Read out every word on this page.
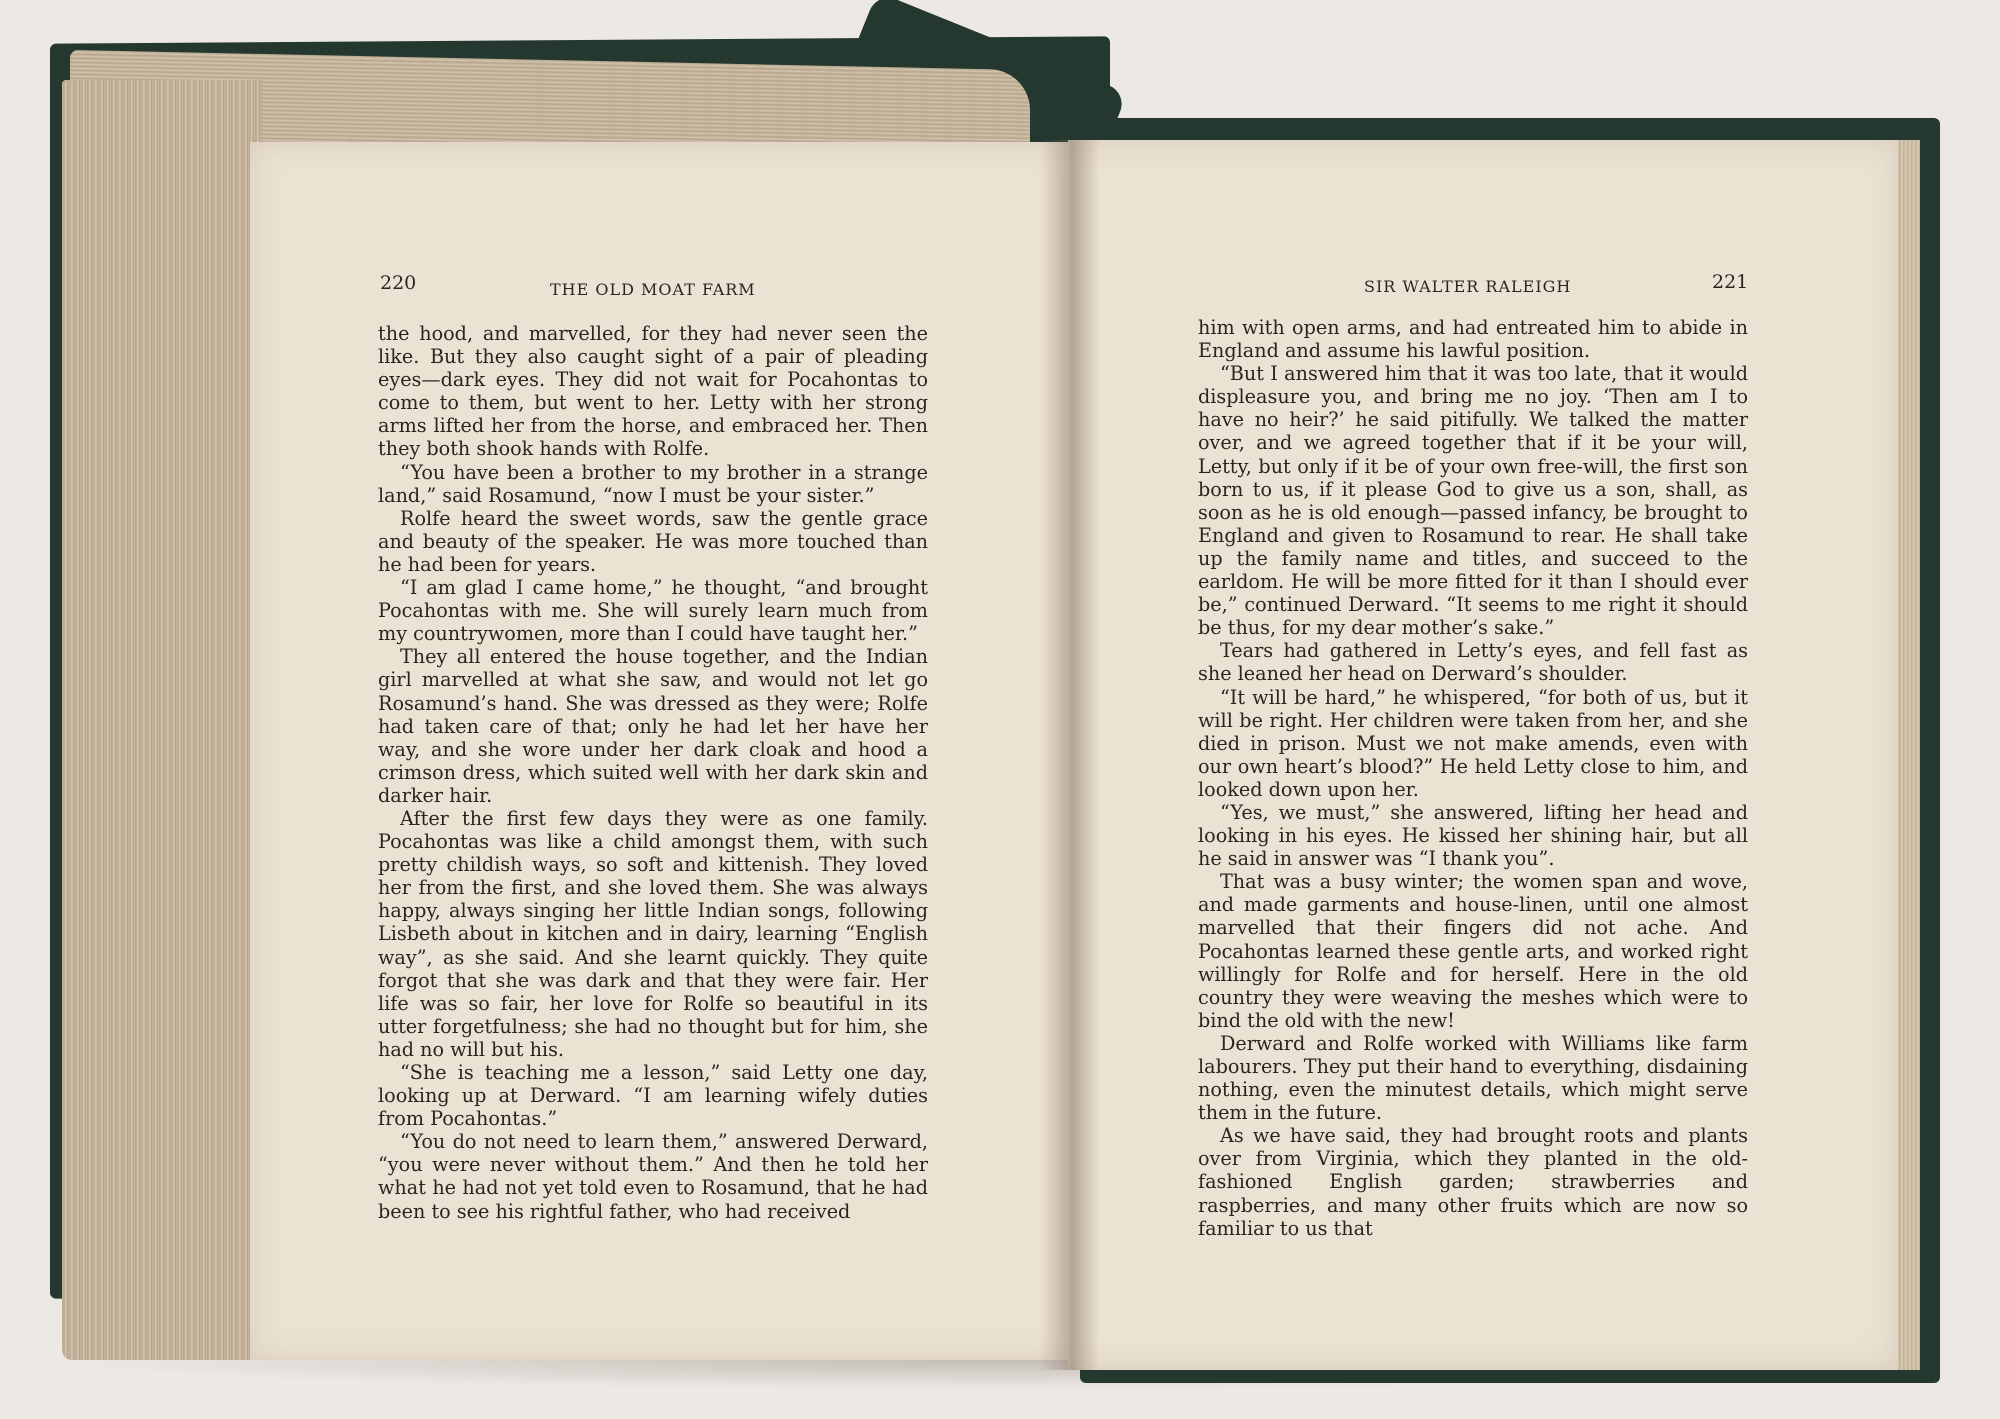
220	THE OLD MOAT FARM	SIR WALTER RALEIGH	221

the hood, and marvelled, for they had never seen the like. But they also caught sight of a pair of pleading eyes—dark eyes. They did not wait for Pocahontas to come to them, but went to her. Letty with her strong arms lifted her from the horse, and embraced her. Then they both shook hands with Rolfe.

“You have been a brother to my brother in a strange land,” said Rosamund, “now I must be your sister.”

Rolfe heard the sweet words, saw the gentle grace and beauty of the speaker. He was more touched than he had been for years.

“I am glad I came home,” he thought, “and brought Pocahontas with me. She will surely learn much from my countrywomen, more than I could have taught her.”

They all entered the house together, and the Indian girl marvelled at what she saw, and would not let go Rosamund’s hand. She was dressed as they were; Rolfe had taken care of that; only he had let her have her way, and she wore under her dark cloak and hood a crimson dress, which suited well with her dark skin and darker hair.

After the first few days they were as one family. Pocahontas was like a child amongst them, with such pretty childish ways, so soft and kittenish. They loved her from the first, and she loved them. She was always happy, always singing her little Indian songs, following Lisbeth about in kitchen and in dairy, learning “English way”, as she said. And she learnt quickly. They quite forgot that she was dark and that they were fair. Her life was so fair, her love for Rolfe so beautiful in its utter forgetfulness; she had no thought but for him, she had no will but his.

“She is teaching me a lesson,” said Letty one day, looking up at Derward. “I am learning wifely duties from Pocahontas.”

“You do not need to learn them,” answered Derward, “you were never without them.” And then he told her what he had not yet told even to Rosamund, that he had been to see his rightful father, who had received

him with open arms, and had entreated him to abide in England and assume his lawful position.

“But I answered him that it was too late, that it would displeasure you, and bring me no joy. ‘Then am I to have no heir?’ he said pitifully. We talked the matter over, and we agreed together that if it be your will, Letty, but only if it be of your own free-will, the first son born to us, if it please God to give us a son, shall, as soon as he is old enough—passed infancy, be brought to England and given to Rosamund to rear. He shall take up the family name and titles, and succeed to the earldom. He will be more fitted for it than I should ever be,” continued Derward. “It seems to me right it should be thus, for my dear mother’s sake.”

Tears had gathered in Letty’s eyes, and fell fast as she leaned her head on Derward’s shoulder.

“It will be hard,” he whispered, “for both of us, but it will be right. Her children were taken from her, and she died in prison. Must we not make amends, even with our own heart’s blood?” He held Letty close to him, and looked down upon her.

“Yes, we must,” she answered, lifting her head and looking in his eyes. He kissed her shining hair, but all he said in answer was “I thank you”.

That was a busy winter; the women span and wove, and made garments and house-linen, until one almost marvelled that their fingers did not ache. And Pocahontas learned these gentle arts, and worked right willingly for Rolfe and for herself. Here in the old country they were weaving the meshes which were to bind the old with the new!

Derward and Rolfe worked with Williams like farm labourers. They put their hand to everything, disdaining nothing, even the minutest details, which might serve them in the future.

As we have said, they had brought roots and plants over from Virginia, which they planted in the old-fashioned English garden; strawberries and raspberries, and many other fruits which are now so familiar to us that
